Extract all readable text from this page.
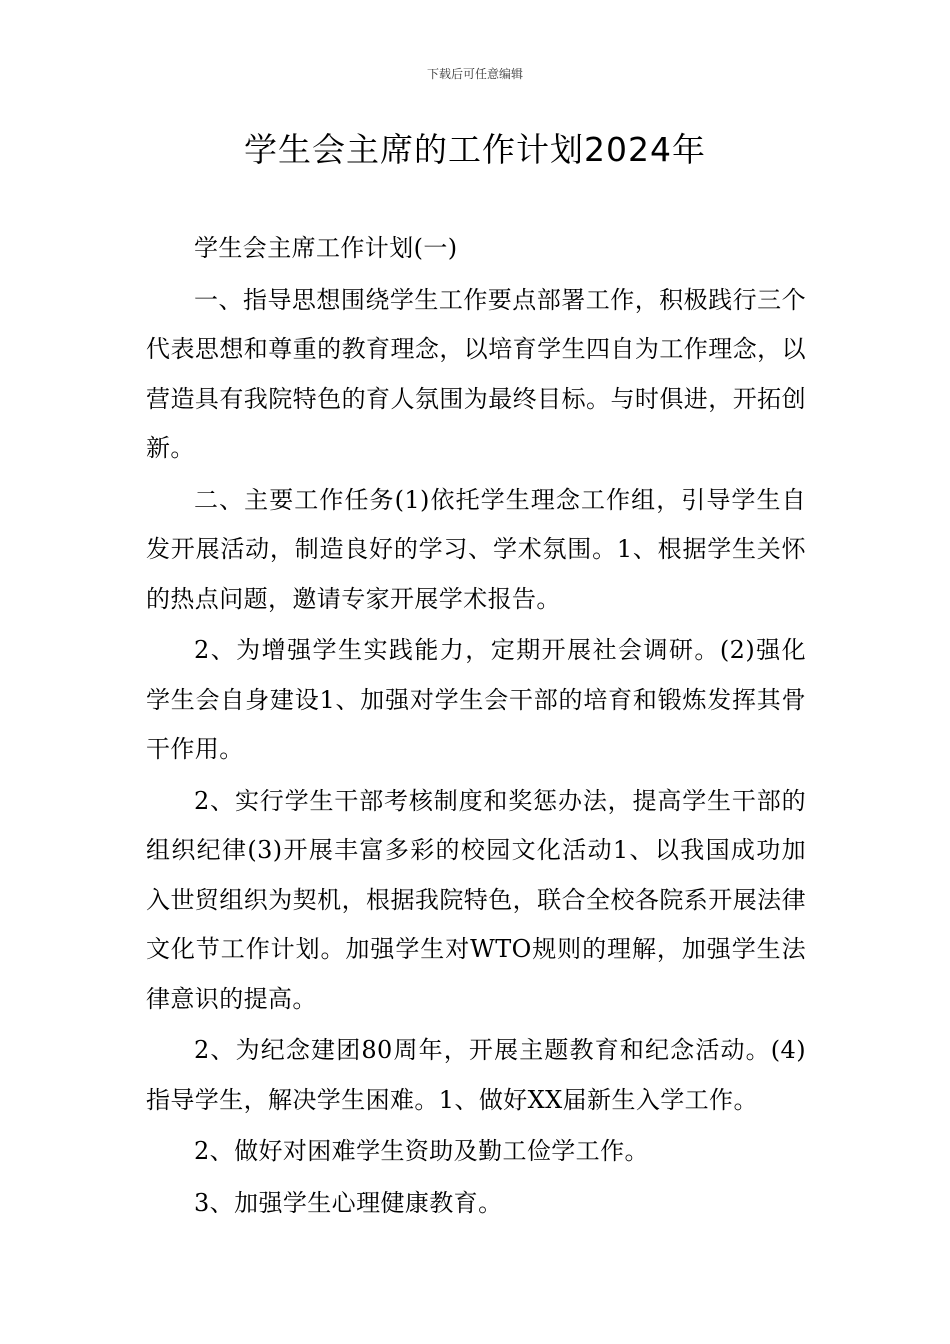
下载后可任意编辑
学生会主席的工作计划2024年

学生会主席工作计划(一)

一、指导思想围绕学生工作要点部署工作，积极践行三个代表思想和尊重的教育理念，以培育学生四自为工作理念，以营造具有我院特色的育人氛围为最终目标。与时俱进，开拓创新。

二、主要工作任务(1)依托学生理念工作组，引导学生自发开展活动，制造良好的学习、学术氛围。1、根据学生关怀的热点问题，邀请专家开展学术报告。

2、为增强学生实践能力，定期开展社会调研。(2)强化学生会自身建设1、加强对学生会干部的培育和锻炼发挥其骨干作用。

2、实行学生干部考核制度和奖惩办法，提高学生干部的组织纪律(3)开展丰富多彩的校园文化活动1、以我国成功加入世贸组织为契机，根据我院特色，联合全校各院系开展法律文化节工作计划。加强学生对WTO规则的理解，加强学生法律意识的提高。

2、为纪念建团80周年，开展主题教育和纪念活动。(4)指导学生，解决学生困难。1、做好XX届新生入学工作。

2、做好对困难学生资助及勤工俭学工作。

3、加强学生心理健康教育。
